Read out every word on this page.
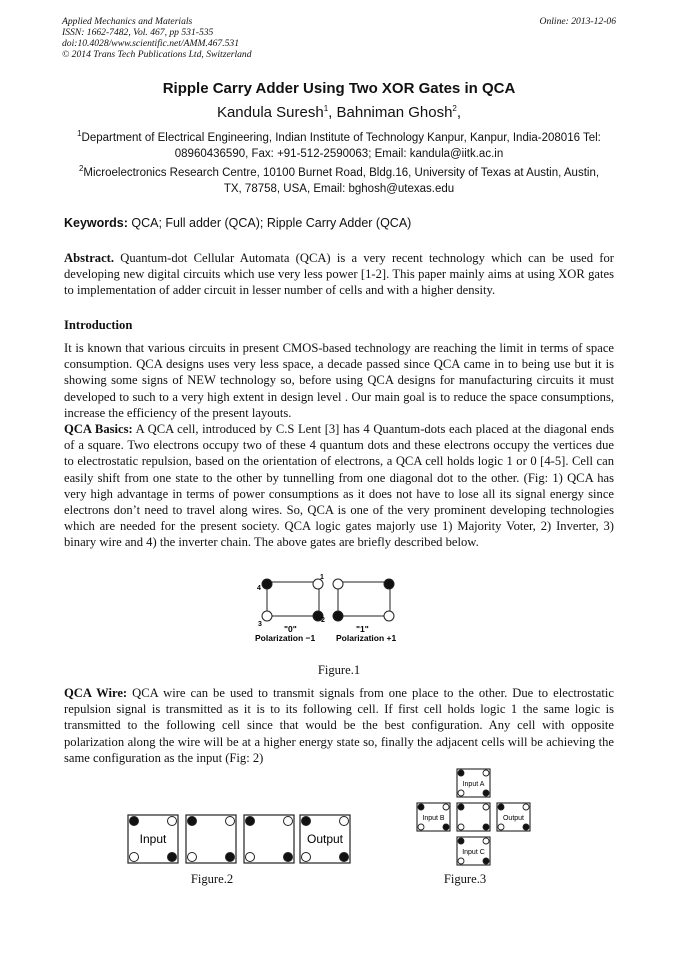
Applied Mechanics and Materials
ISSN: 1662-7482, Vol. 467, pp 531-535
doi:10.4028/www.scientific.net/AMM.467.531
© 2014 Trans Tech Publications Ltd, Switzerland
Online: 2013-12-06
Ripple Carry Adder Using Two XOR Gates in QCA
Kandula Suresh$^1$, Bahniman Ghosh$^2$,
$^1$Department of Electrical Engineering, Indian Institute of Technology Kanpur, Kanpur, India-208016 Tel: 08960436590, Fax: +91-512-2590063; Email: kandula@iitk.ac.in
$^2$Microelectronics Research Centre, 10100 Burnet Road, Bldg.16, University of Texas at Austin, Austin, TX, 78758, USA, Email: bghosh@utexas.edu
Keywords: QCA; Full adder (QCA); Ripple Carry Adder (QCA)
Abstract. Quantum-dot Cellular Automata (QCA) is a very recent technology which can be used for developing new digital circuits which use very less power [1-2]. This paper mainly aims at using XOR gates to implementation of adder circuit in lesser number of cells and with a higher density.
Introduction
It is known that various circuits in present CMOS-based technology are reaching the limit in terms of space consumption. QCA designs uses very less space, a decade passed since QCA came in to being use but it is showing some signs of NEW technology so, before using QCA designs for manufacturing circuits it must developed to such to a very high extent in design level . Our main goal is to reduce the space consumptions, increase the efficiency of the present layouts.
QCA Basics: A QCA cell, introduced by C.S Lent [3] has 4 Quantum-dots each placed at the diagonal ends of a square. Two electrons occupy two of these 4 quantum dots and these electrons occupy the vertices due to electrostatic repulsion, based on the orientation of electrons, a QCA cell holds logic 1 or 0 [4-5]. Cell can easily shift from one state to the other by tunnelling from one diagonal dot to the other. (Fig: 1) QCA has very high advantage in terms of power consumptions as it does not have to lose all its signal energy since electrons don’t need to travel along wires. So, QCA is one of the very prominent developing technologies which are needed for the present society. QCA logic gates majorly use 1) Majority Voter, 2) Inverter, 3) binary wire and 4) the inverter chain. The above gates are briefly described below.
1
2
3
4
"0"	"1"
Polarization −1 Polarization +1
Figure.1
QCA Wire: QCA wire can be used to transmit signals from one place to the other. Due to electrostatic repulsion signal is transmitted as it is to its following cell. If first cell holds logic 1 the same logic is transmitted to the following cell since that would be the best configuration. Any cell with opposite polarization along the wire will be at a higher energy state so, finally the adjacent cells will be achieving the same configuration as the input (Fig: 2)
Input	Output
Figure.2
Input A
Input B	Output
Input C
Figure.3
